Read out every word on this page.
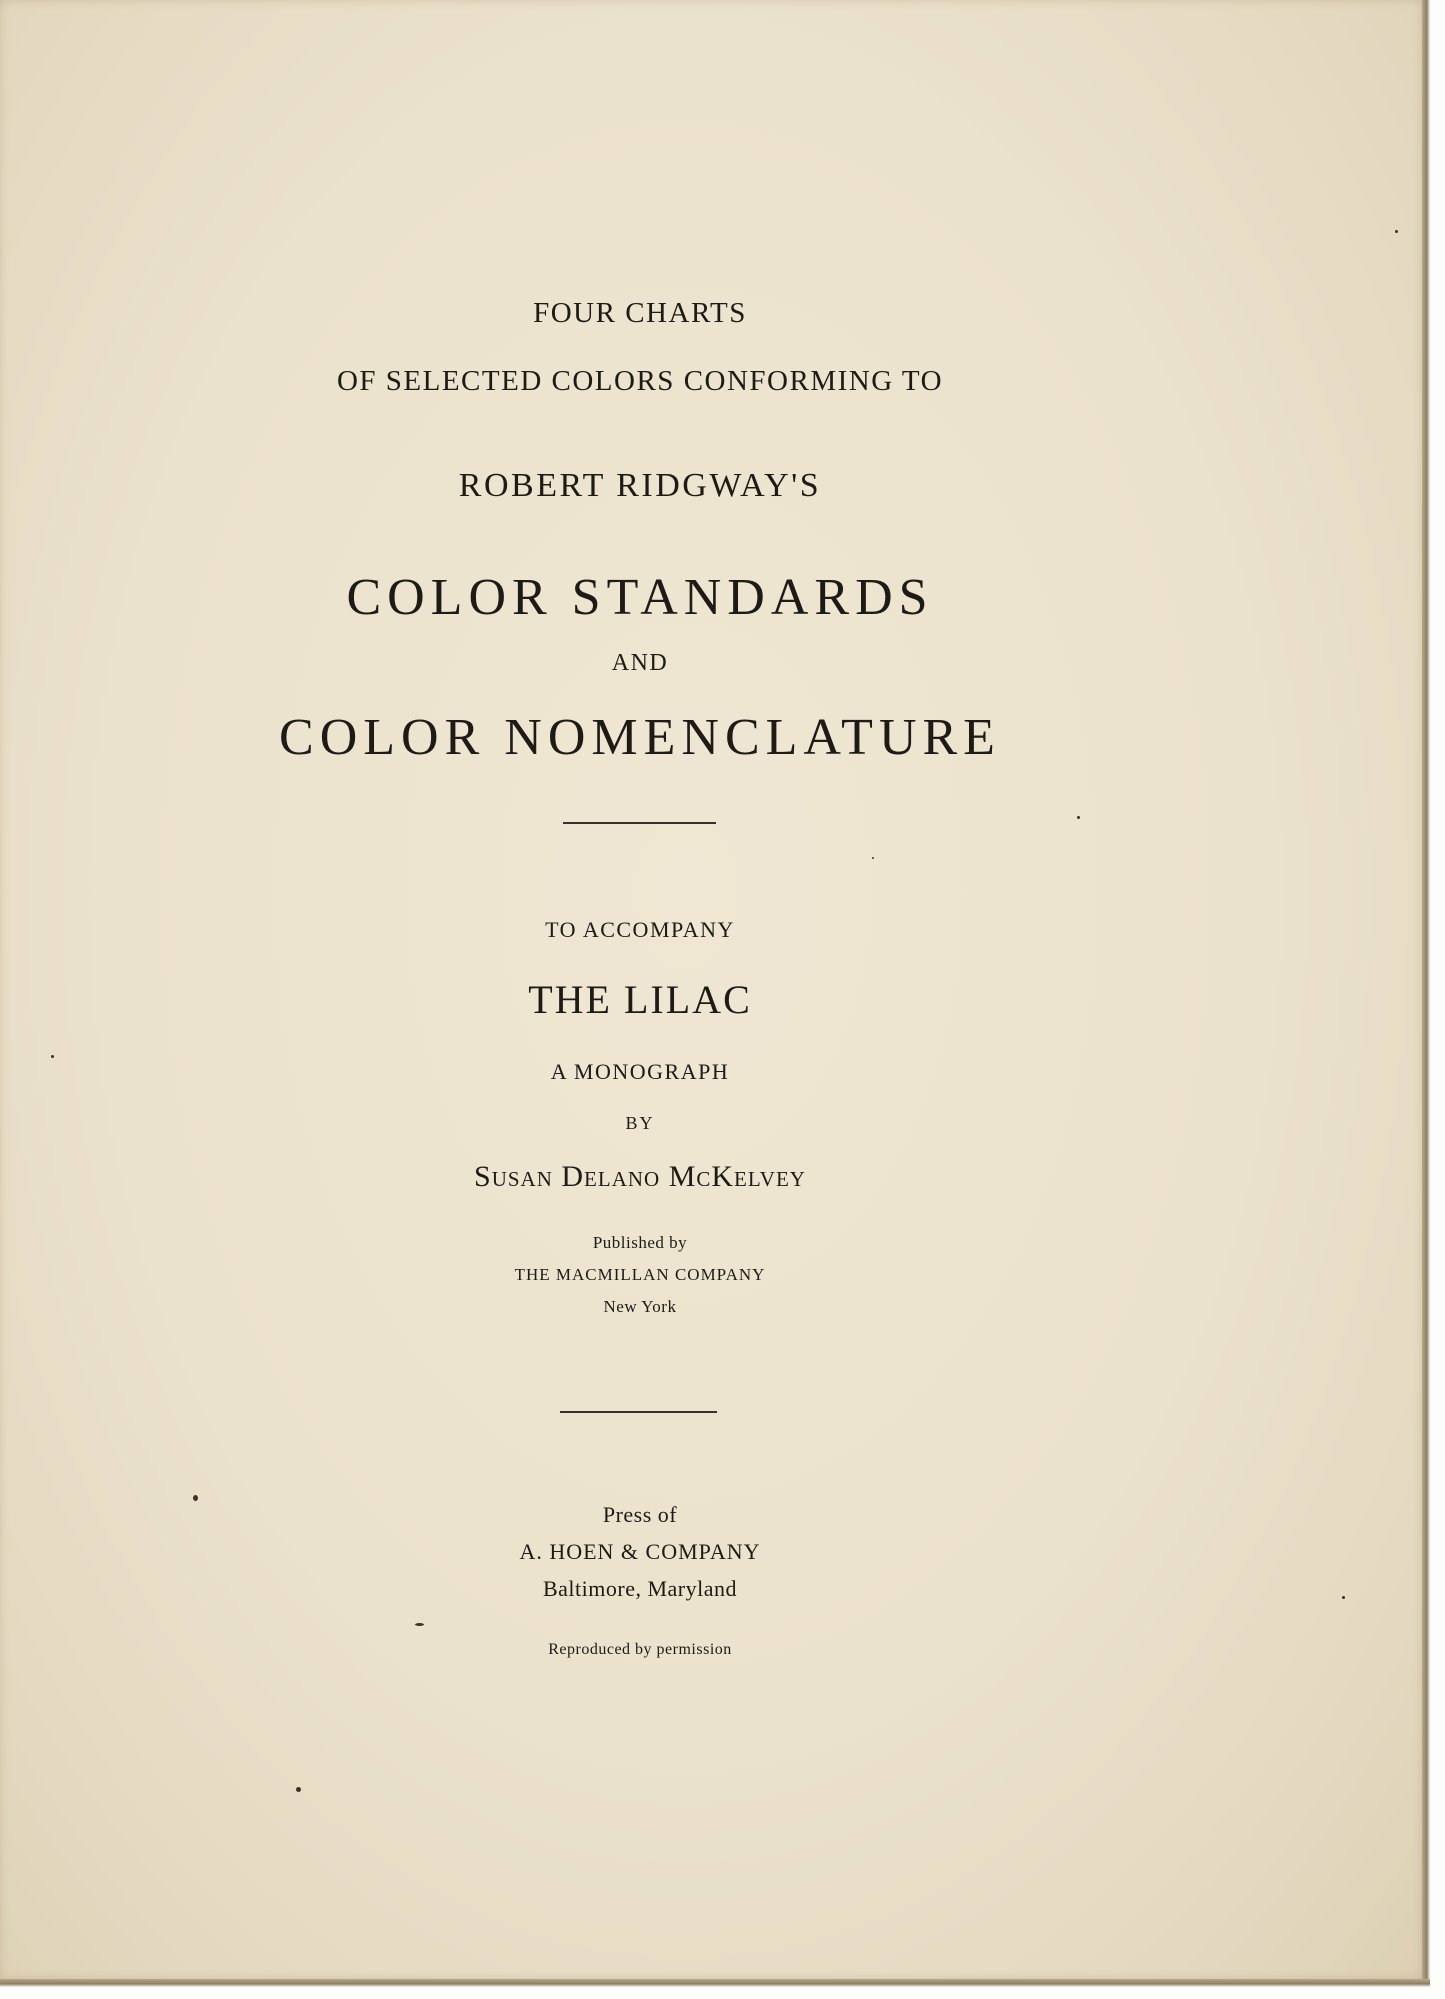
FOUR CHARTS

OF SELECTED COLORS CONFORMING TO

ROBERT RIDGWAY'S

COLOR STANDARDS

AND

COLOR NOMENCLATURE

TO ACCOMPANY

THE LILAC

A MONOGRAPH

BY

Susan Delano McKelvey

Published by

THE MACMILLAN COMPANY

New York

Press of

A. HOEN & COMPANY

Baltimore, Maryland

Reproduced by permission
